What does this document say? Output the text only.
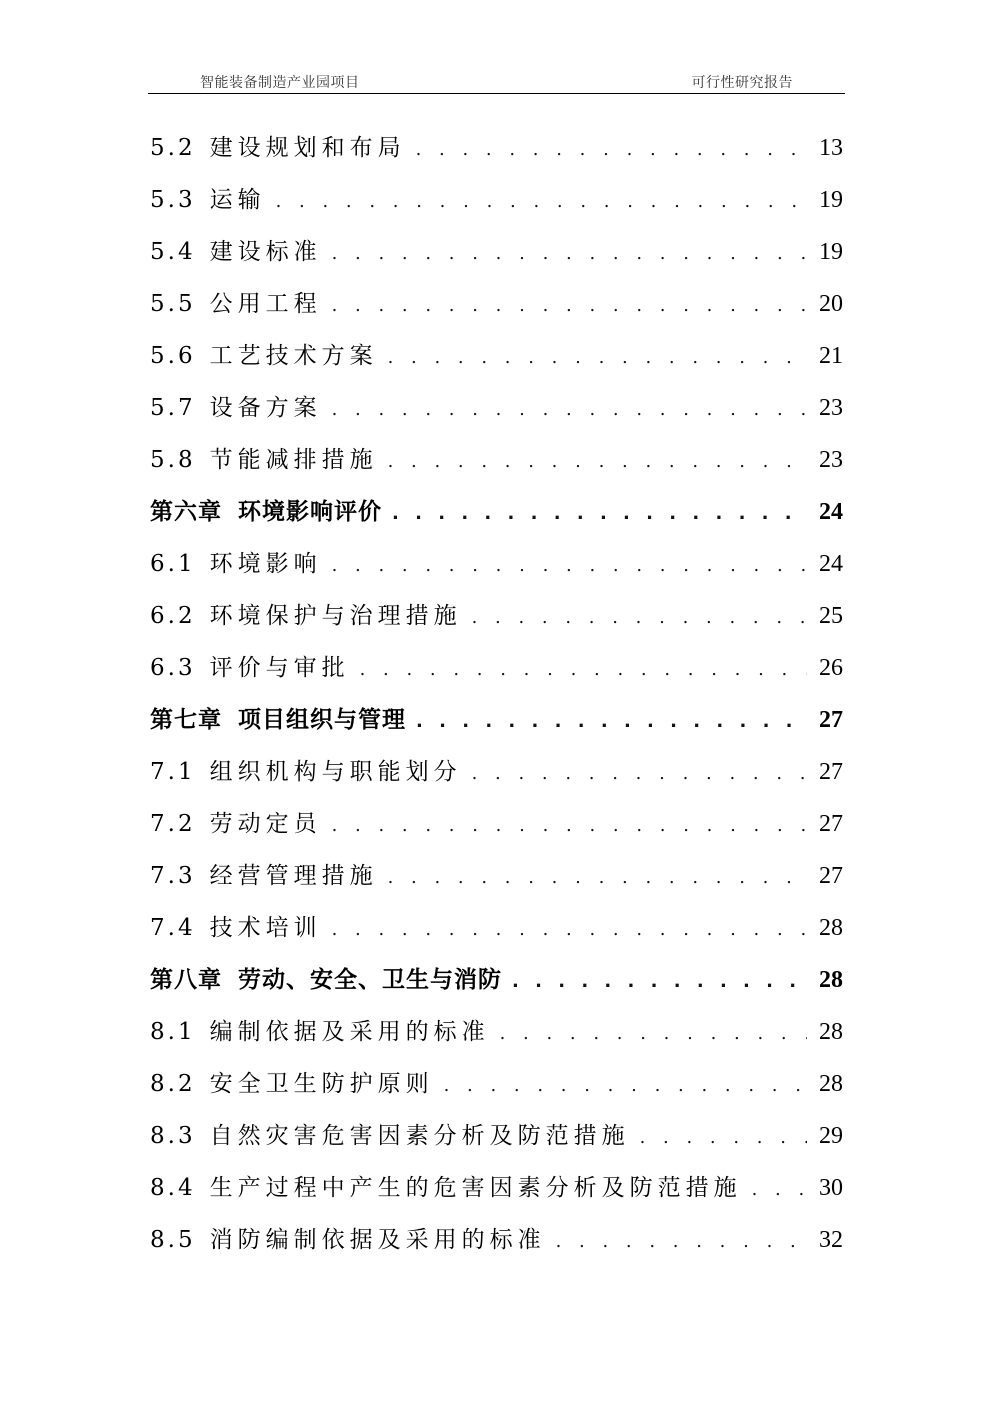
智能装备制造产业园项目	可行性研究报告
5.2 建设规划和布局 . . .	13
5.3 运输 . . .	19
5.4 建设标准 . . .	19
5.5 公用工程 . . .	20
5.6 工艺技术方案 . . .	21
5.7 设备方案 . . .	23
5.8 节能减排措施 . . .	23
第六章 环境影响评价 . . .	24
6.1 环境影响 . . .	24
6.2 环境保护与治理措施 . . .	25
6.3 评价与审批 . . .	26
第七章 项目组织与管理 . . .	27
7.1 组织机构与职能划分 . . .	27
7.2 劳动定员 . . .	27
7.3 经营管理措施 . . .	27
7.4 技术培训 . . .	28
第八章 劳动、安全、卫生与消防 . . .	28
8.1 编制依据及采用的标准 . . .	28
8.2 安全卫生防护原则 . . .	28
8.3 自然灾害危害因素分析及防范措施 . . .	29
8.4 生产过程中产生的危害因素分析及防范措施 . . .	30
8.5 消防编制依据及采用的标准 . . .	32
